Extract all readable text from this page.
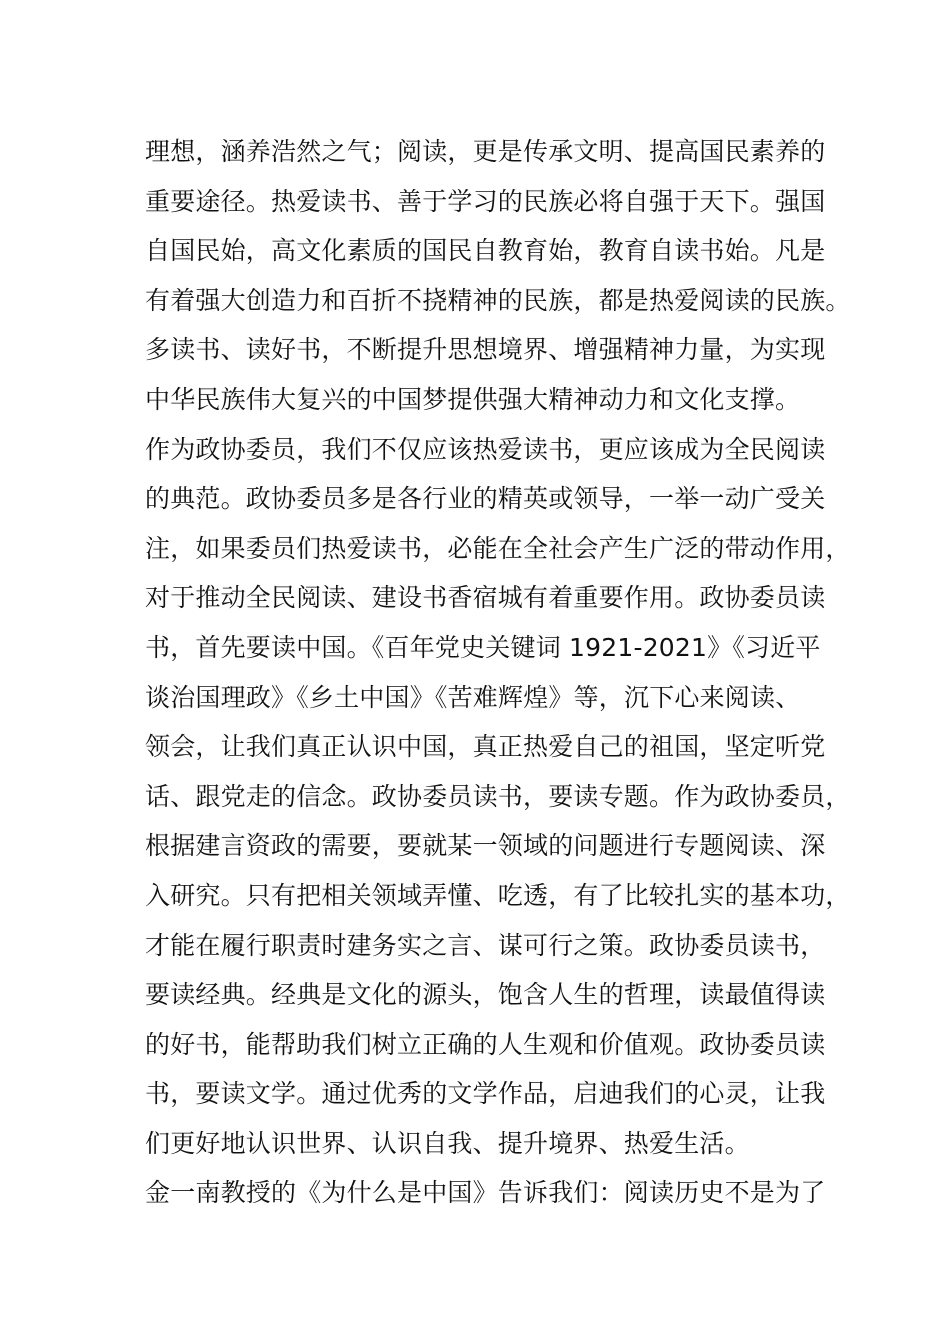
理想，涵养浩然之气；阅读，更是传承文明、提高国民素养的
重要途径。热爱读书、善于学习的民族必将自强于天下。强国
自国民始，高文化素质的国民自教育始，教育自读书始。凡是
有着强大创造力和百折不挠精神的民族，都是热爱阅读的民族。
多读书、读好书，不断提升思想境界、增强精神力量，为实现
中华民族伟大复兴的中国梦提供强大精神动力和文化支撑。
作为政协委员，我们不仅应该热爱读书，更应该成为全民阅读
的典范。政协委员多是各行业的精英或领导，一举一动广受关
注，如果委员们热爱读书，必能在全社会产生广泛的带动作用，
对于推动全民阅读、建设书香宿城有着重要作用。政协委员读
书，首先要读中国。《百年党史关键词 1921-2021》《习近平
谈治国理政》《乡土中国》《苦难辉煌》等，沉下心来阅读、
领会，让我们真正认识中国，真正热爱自己的祖国，坚定听党
话、跟党走的信念。政协委员读书，要读专题。作为政协委员，
根据建言资政的需要，要就某一领域的问题进行专题阅读、深
入研究。只有把相关领域弄懂、吃透，有了比较扎实的基本功，
才能在履行职责时建务实之言、谋可行之策。政协委员读书，
要读经典。经典是文化的源头，饱含人生的哲理，读最值得读
的好书，能帮助我们树立正确的人生观和价值观。政协委员读
书，要读文学。通过优秀的文学作品，启迪我们的心灵，让我
们更好地认识世界、认识自我、提升境界、热爱生活。
金一南教授的《为什么是中国》告诉我们：阅读历史不是为了
